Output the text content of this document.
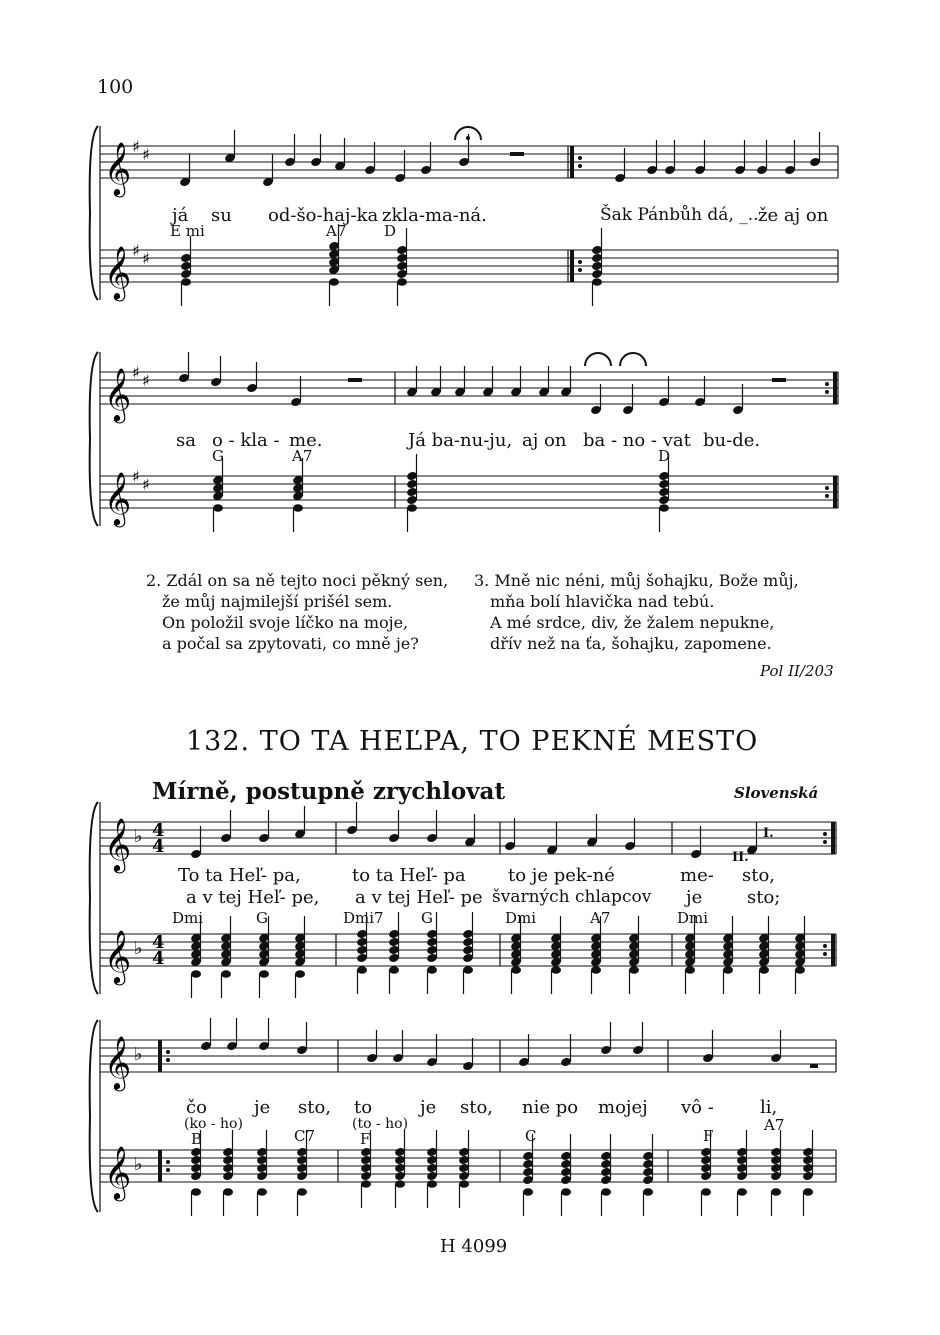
100
𝄞
𝄞
♯ ♯
♯ ♯
𝄞
𝄞
♯ ♯
♯ ♯
𝄞
𝄞
♭
♭
4
4
4
4
𝄞
𝄞
♭
♭
já su od-šo-haj-ka zkla-ma-ná.	Šak Pánbůh dá, _.. že aj on
E mi	A7	D
sa o - kla - me.	Já ba-nu-ju, aj on ba - no - vat bu-de.
G	A7	D
2. Zdál on sa ně tejto noci pěkný sen,
že můj najmilejší prišél sem.
On položil svoje líčko na moje,
a počal sa zpytovati, co mně je?
3. Mně nic néni, můj šohajku, Bože můj,
mňa bolí hlavička nad tebú.
A mé srdce, div, že žalem nepukne,
dřív než na ťa, šohajku, zapomene.
Pol II/203
132. TO TA HEĽPA, TO PEKNÉ MESTO
Mírně, postupně zrychlovat	Slovenská
To ta Heľ- pa,	to ta Heľ- pa to je pek-né	me- sto,
a v tej Heľ- pe, a v tej Heľ- pe švarných chlapcov je sto;
Dmi	G	Dmi7 G	Dmi	A7	Dmi
I.
II.
čo	je sto, to	je sto, nie po mojej vô -	li,
(ko - ho)	(to - ho)
B	C7	F	C	F
A7
H 4099
